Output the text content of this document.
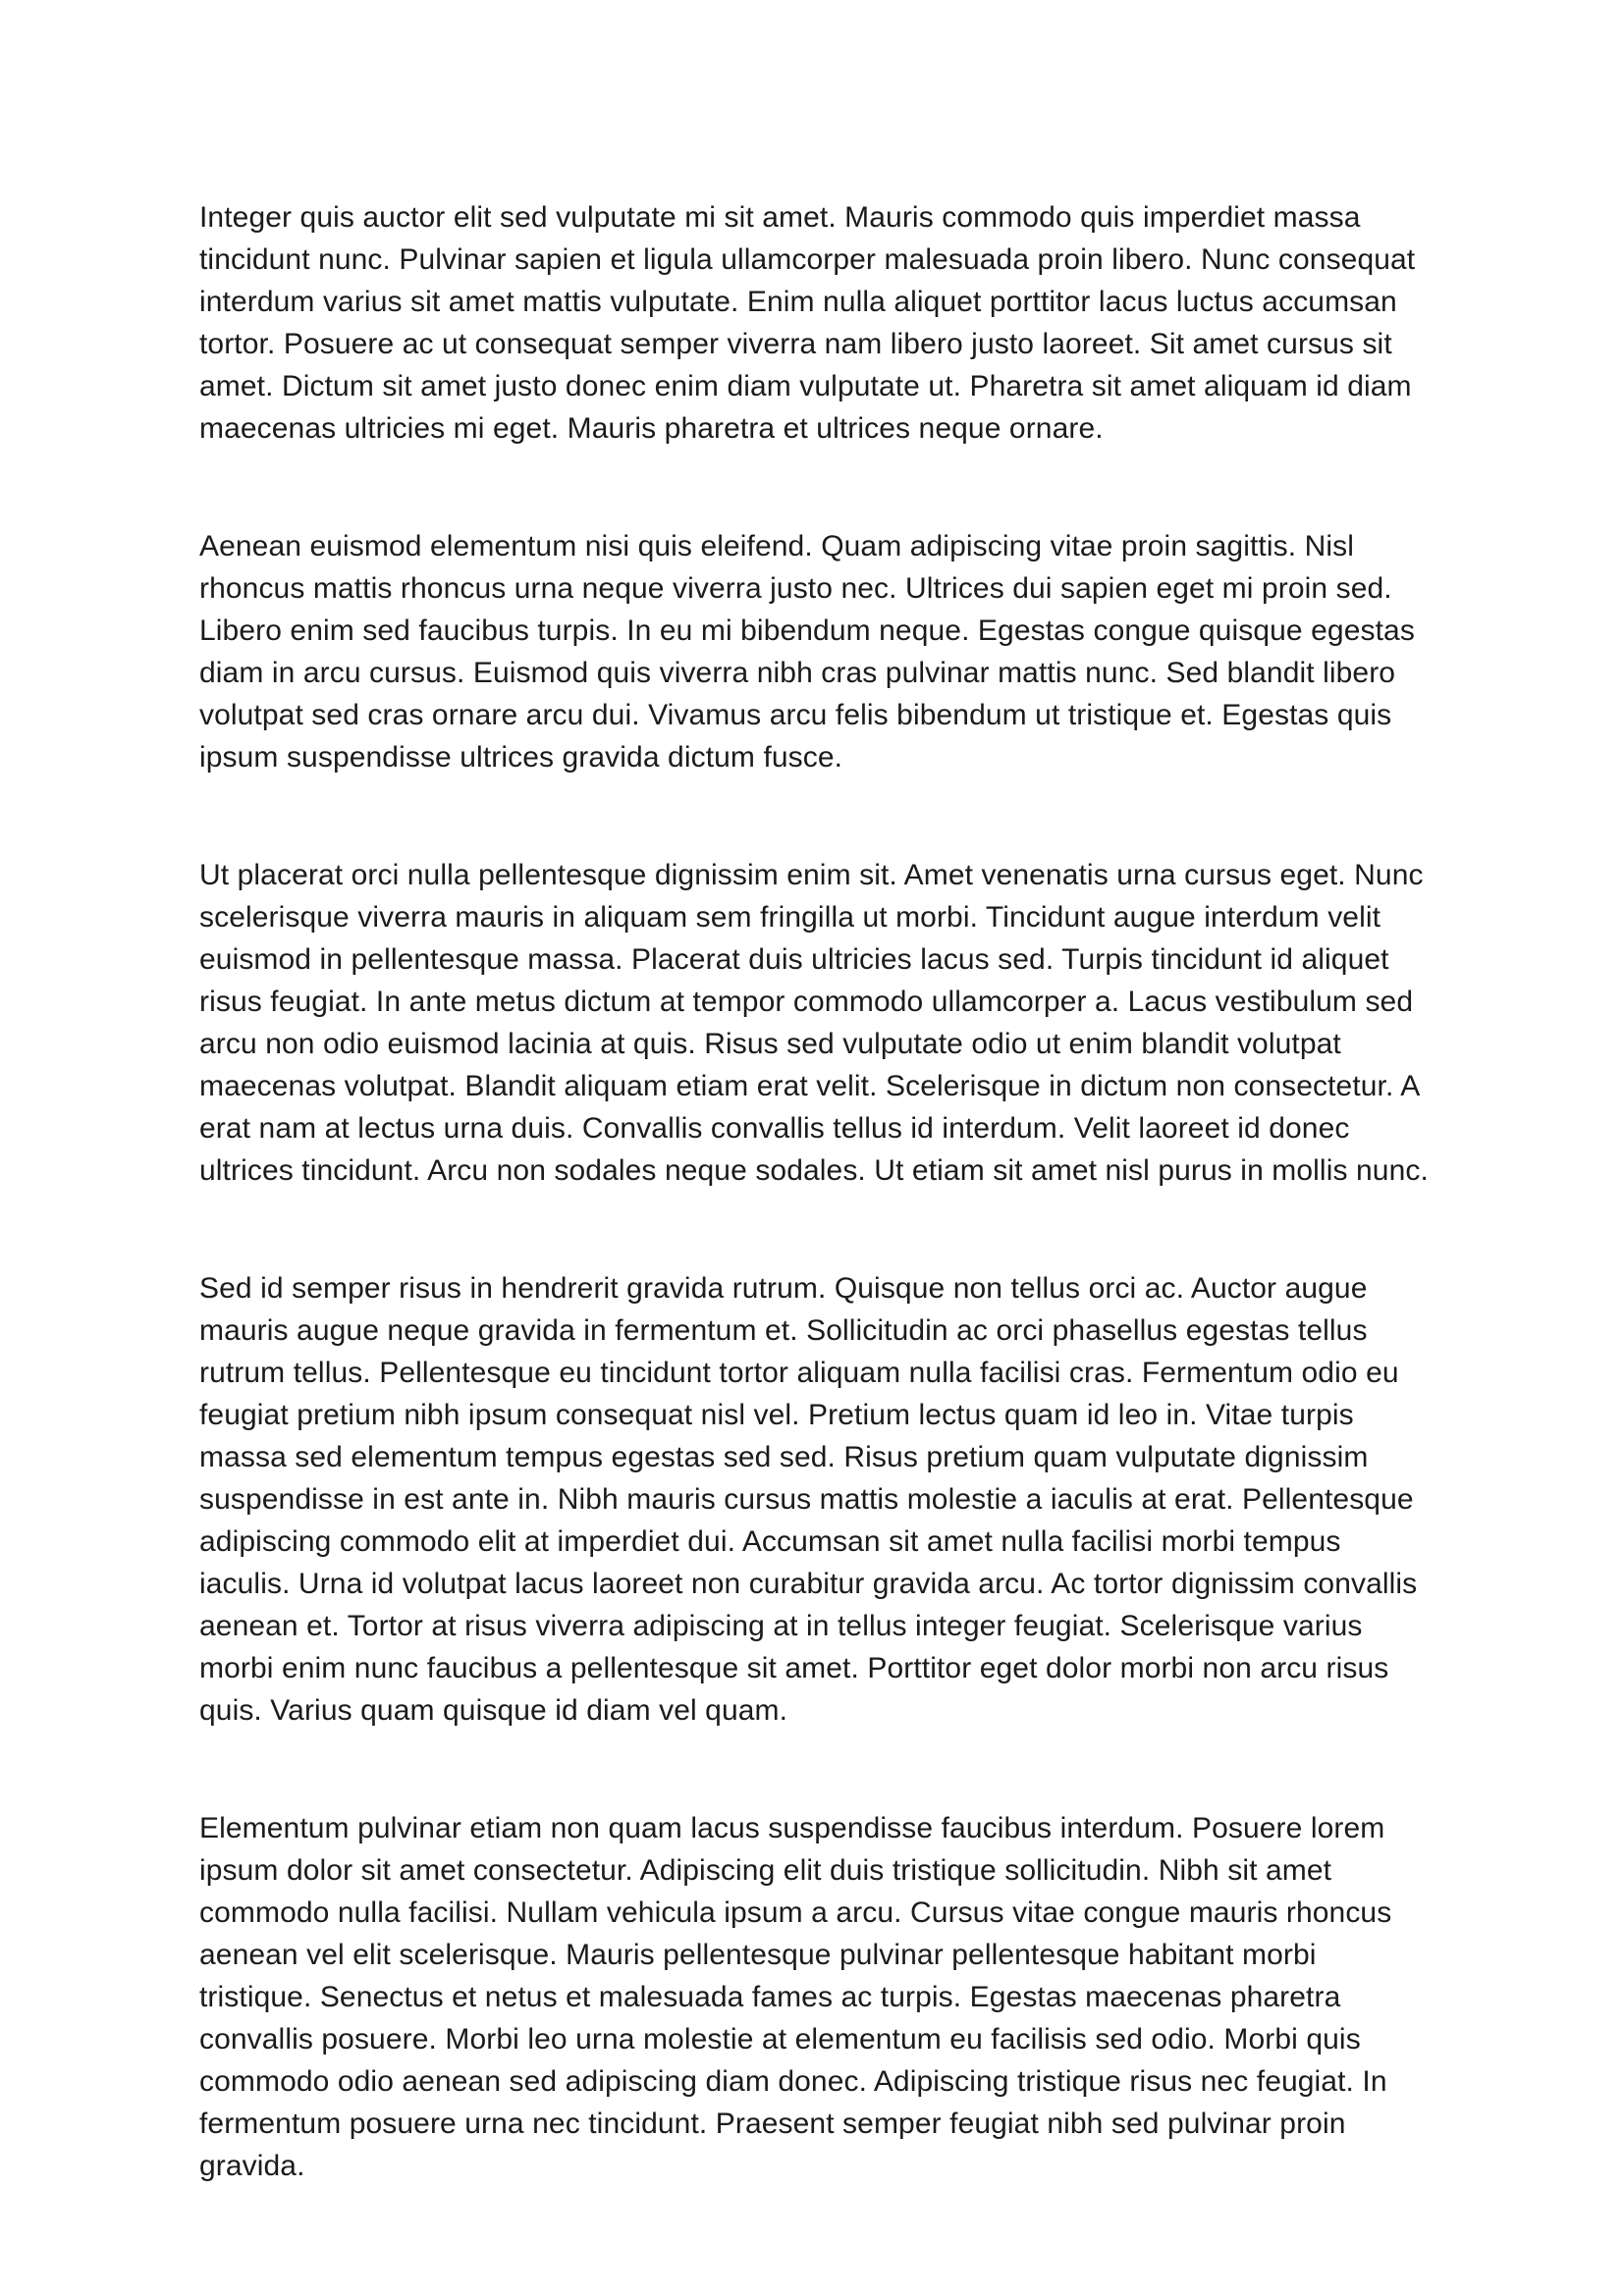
Integer quis auctor elit sed vulputate mi sit amet. Mauris commodo quis imperdiet massa tincidunt nunc. Pulvinar sapien et ligula ullamcorper malesuada proin libero. Nunc consequat interdum varius sit amet mattis vulputate. Enim nulla aliquet porttitor lacus luctus accumsan tortor. Posuere ac ut consequat semper viverra nam libero justo laoreet. Sit amet cursus sit amet. Dictum sit amet justo donec enim diam vulputate ut. Pharetra sit amet aliquam id diam maecenas ultricies mi eget. Mauris pharetra et ultrices neque ornare.

Aenean euismod elementum nisi quis eleifend. Quam adipiscing vitae proin sagittis. Nisl rhoncus mattis rhoncus urna neque viverra justo nec. Ultrices dui sapien eget mi proin sed. Libero enim sed faucibus turpis. In eu mi bibendum neque. Egestas congue quisque egestas diam in arcu cursus. Euismod quis viverra nibh cras pulvinar mattis nunc. Sed blandit libero volutpat sed cras ornare arcu dui. Vivamus arcu felis bibendum ut tristique et. Egestas quis ipsum suspendisse ultrices gravida dictum fusce.

Ut placerat orci nulla pellentesque dignissim enim sit. Amet venenatis urna cursus eget. Nunc scelerisque viverra mauris in aliquam sem fringilla ut morbi. Tincidunt augue interdum velit euismod in pellentesque massa. Placerat duis ultricies lacus sed. Turpis tincidunt id aliquet risus feugiat. In ante metus dictum at tempor commodo ullamcorper a. Lacus vestibulum sed arcu non odio euismod lacinia at quis. Risus sed vulputate odio ut enim blandit volutpat maecenas volutpat. Blandit aliquam etiam erat velit. Scelerisque in dictum non consectetur. A erat nam at lectus urna duis. Convallis convallis tellus id interdum. Velit laoreet id donec ultrices tincidunt. Arcu non sodales neque sodales. Ut etiam sit amet nisl purus in mollis nunc.

Sed id semper risus in hendrerit gravida rutrum. Quisque non tellus orci ac. Auctor augue mauris augue neque gravida in fermentum et. Sollicitudin ac orci phasellus egestas tellus rutrum tellus. Pellentesque eu tincidunt tortor aliquam nulla facilisi cras. Fermentum odio eu feugiat pretium nibh ipsum consequat nisl vel. Pretium lectus quam id leo in. Vitae turpis massa sed elementum tempus egestas sed sed. Risus pretium quam vulputate dignissim suspendisse in est ante in. Nibh mauris cursus mattis molestie a iaculis at erat. Pellentesque adipiscing commodo elit at imperdiet dui. Accumsan sit amet nulla facilisi morbi tempus iaculis. Urna id volutpat lacus laoreet non curabitur gravida arcu. Ac tortor dignissim convallis aenean et. Tortor at risus viverra adipiscing at in tellus integer feugiat. Scelerisque varius morbi enim nunc faucibus a pellentesque sit amet. Porttitor eget dolor morbi non arcu risus quis. Varius quam quisque id diam vel quam.

Elementum pulvinar etiam non quam lacus suspendisse faucibus interdum. Posuere lorem ipsum dolor sit amet consectetur. Adipiscing elit duis tristique sollicitudin. Nibh sit amet commodo nulla facilisi. Nullam vehicula ipsum a arcu. Cursus vitae congue mauris rhoncus aenean vel elit scelerisque. Mauris pellentesque pulvinar pellentesque habitant morbi tristique. Senectus et netus et malesuada fames ac turpis. Egestas maecenas pharetra convallis posuere. Morbi leo urna molestie at elementum eu facilisis sed odio. Morbi quis commodo odio aenean sed adipiscing diam donec. Adipiscing tristique risus nec feugiat. In fermentum posuere urna nec tincidunt. Praesent semper feugiat nibh sed pulvinar proin gravida.
